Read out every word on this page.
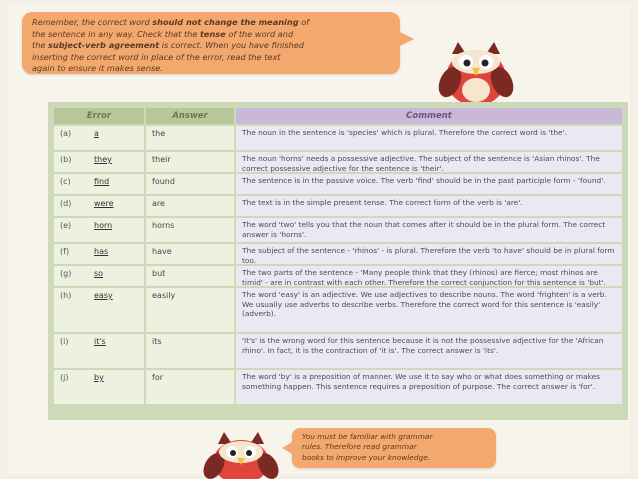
Remember, the correct word should not change the meaning of

the sentence in any way. Check that the tense of the word and

the subject-verb agreement is correct. When you have finished

inserting the correct word in place of the error, read the text

again to ensure it makes sense.

Error	Answer	Comment
(a)	a	the	The noun in the sentence is 'species' which is plural. Therefore the correct word is 'the'.
(b)	they	their	The noun 'horns' needs a possessive adjective. The subject of the sentence is 'Asian rhinos'. The correct possessive adjective for the sentence is 'their'.
(c)	find	found	The sentence is in the passive voice. The verb 'find' should be in the past participle form - 'found'.
(d)	were	are	The text is in the simple present tense. The correct form of the verb is 'are'.
(e)	horn	horns	The word 'two' tells you that the noun that comes after it should be in the plural form. The correct answer is 'horns'.
(f)	has	have	The subject of the sentence - 'rhinos' - is plural. Therefore the verb 'to have' should be in plural form too.
(g)	so	but	The two parts of the sentence - 'Many people think that they (rhinos) are fierce; most rhinos are timid' - are in contrast with each other. Therefore the correct conjunction for this sentence is 'but'.
(h)	easy	easily	The word 'easy' is an adjective. We use adjectives to describe nouns. The word 'frighten' is a verb. We usually use adverbs to describe verbs. Therefore the correct word for this sentence is 'easily' (adverb).
(i)	it's	its	'It's' is the wrong word for this sentence because it is not the possessive adjective for the 'African rhino'. In fact, it is the contraction of 'it is'. The correct answer is 'its'.
(j)	by	for	The word 'by' is a preposition of manner. We use it to say who or what does something or makes something happen. This sentence requires a preposition of purpose. The correct answer is 'for'.

You must be familiar with grammar

rules. Therefore read grammar

books to improve your knowledge.
